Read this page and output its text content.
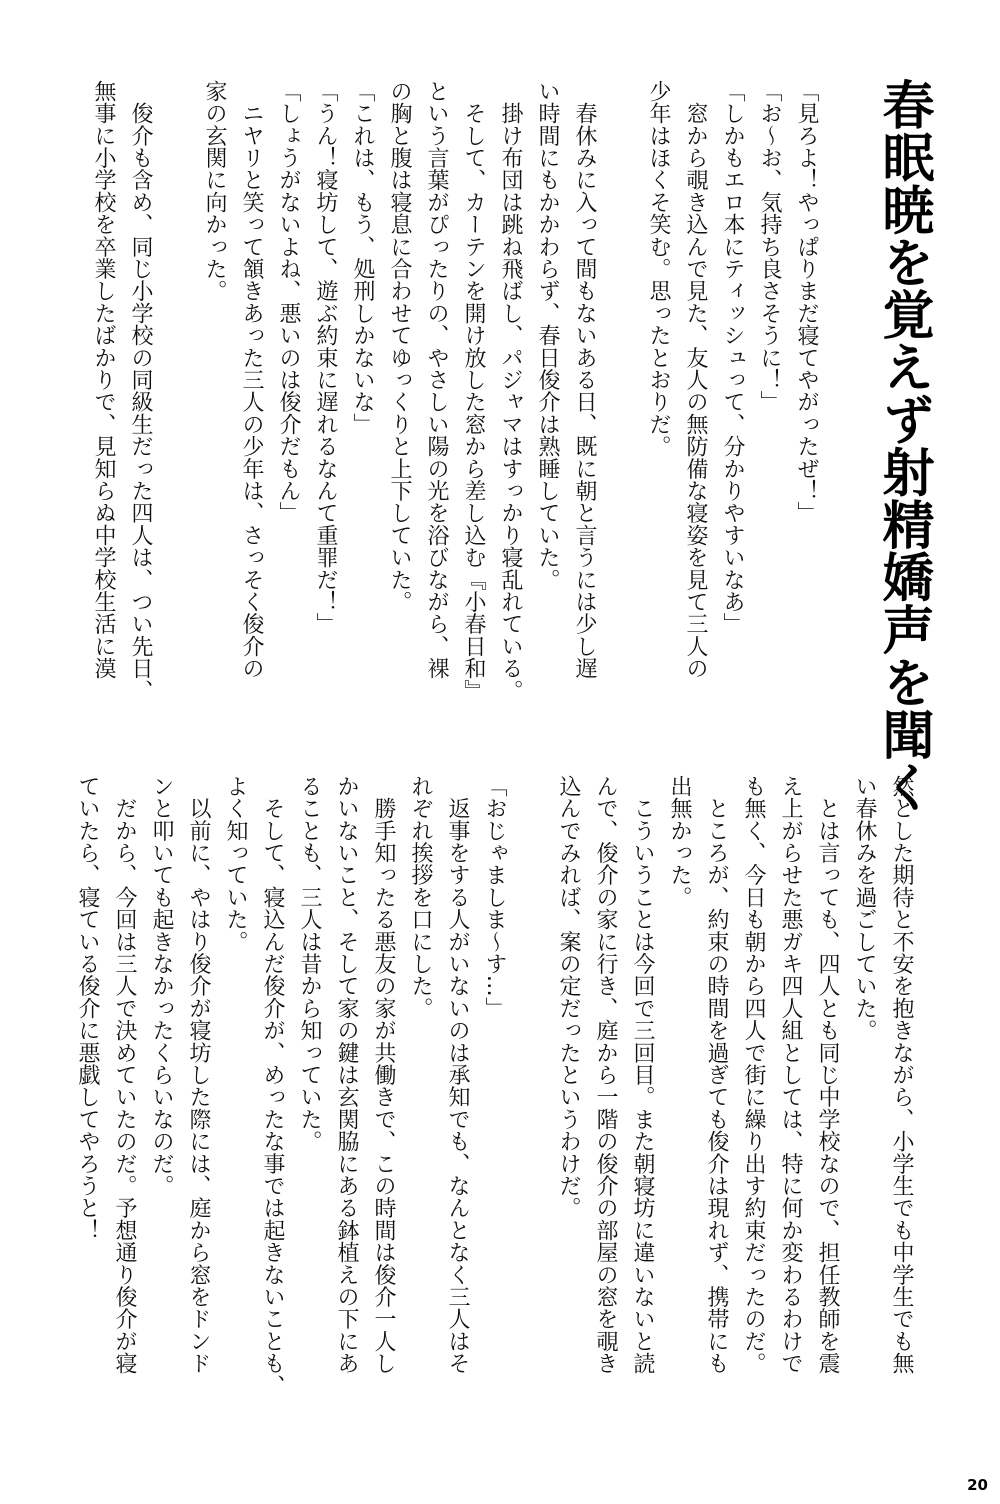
春眠暁を覚えず射精嬌声を聞く
「見ろよ！やっぱりまだ寝てやがったぜ！」
「お～お、気持ち良さそうに！」
「しかもエロ本にティッシュって、分かりやすいなあ」
　窓から覗き込んで見た、友人の無防備な寝姿を見て三人の
少年はほくそ笑む。思ったとおりだ。

　春休みに入って間もないある日、既に朝と言うには少し遅
い時間にもかかわらず、春日俊介は熟睡していた。
　掛け布団は跳ね飛ばし、パジャマはすっかり寝乱れている。
　そして、カーテンを開け放した窓から差し込む『小春日和』
という言葉がぴったりの、やさしい陽の光を浴びながら、裸
の胸と腹は寝息に合わせてゆっくりと上下していた。
「これは、もう、処刑しかないな」
「うん！寝坊して、遊ぶ約束に遅れるなんて重罪だ！」
「しょうがないよね、悪いのは俊介だもん」
　ニヤリと笑って頷きあった三人の少年は、さっそく俊介の
家の玄関に向かった。

　俊介も含め、同じ小学校の同級生だった四人は、つい先日、
無事に小学校を卒業したばかりで、見知らぬ中学校生活に漠
然とした期待と不安を抱きながら、小学生でも中学生でも無
い春休みを過ごしていた。
　とは言っても、四人とも同じ中学校なので、担任教師を震
え上がらせた悪ガキ四人組としては、特に何か変わるわけで
も無く、今日も朝から四人で街に繰り出す約束だったのだ。
　ところが、約束の時間を過ぎても俊介は現れず、携帯にも
出無かった。
　こういうことは今回で三回目。また朝寝坊に違いないと読
んで、俊介の家に行き、庭から一階の俊介の部屋の窓を覗き
込んでみれば、案の定だったというわけだ。

「おじゃましま～す…」
　返事をする人がいないのは承知でも、なんとなく三人はそ
れぞれ挨拶を口にした。
　勝手知ったる悪友の家が共働きで、この時間は俊介一人し
かいないこと、そして家の鍵は玄関脇にある鉢植えの下にあ
ることも、三人は昔から知っていた。
　そして、寝込んだ俊介が、めったな事では起きないことも、
よく知っていた。
　以前に、やはり俊介が寝坊した際には、庭から窓をドンド
ンと叩いても起きなかったくらいなのだ。
　だから、今回は三人で決めていたのだ。予想通り俊介が寝
ていたら、寝ている俊介に悪戯してやろうと！
20
